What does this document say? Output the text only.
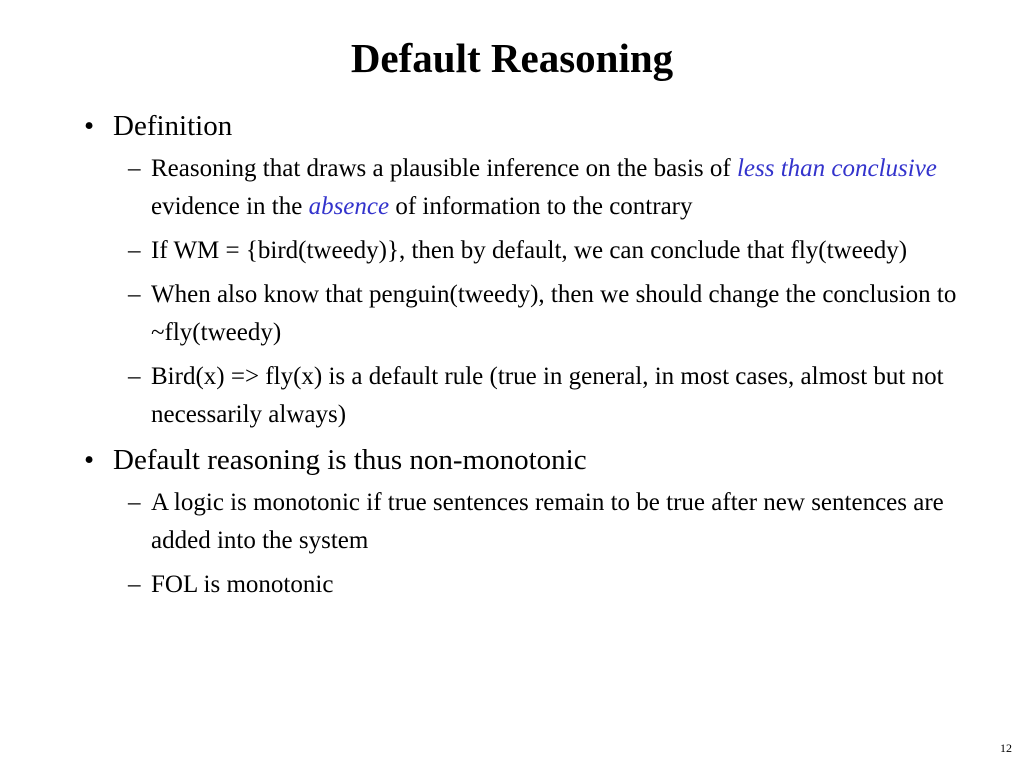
Default Reasoning
• Definition
– Reasoning that draws a plausible inference on the basis of less than conclusive evidence in the absence of information to the contrary
– If WM = {bird(tweedy)}, then by default, we can conclude that fly(tweedy)
– When also know that penguin(tweedy), then we should change the conclusion to ~fly(tweedy)
– Bird(x) => fly(x) is a default rule (true in general, in most cases, almost but not necessarily always)
• Default reasoning is thus non-monotonic
– A logic is monotonic if true sentences remain to be true after new sentences are added into the system
– FOL is monotonic
12
